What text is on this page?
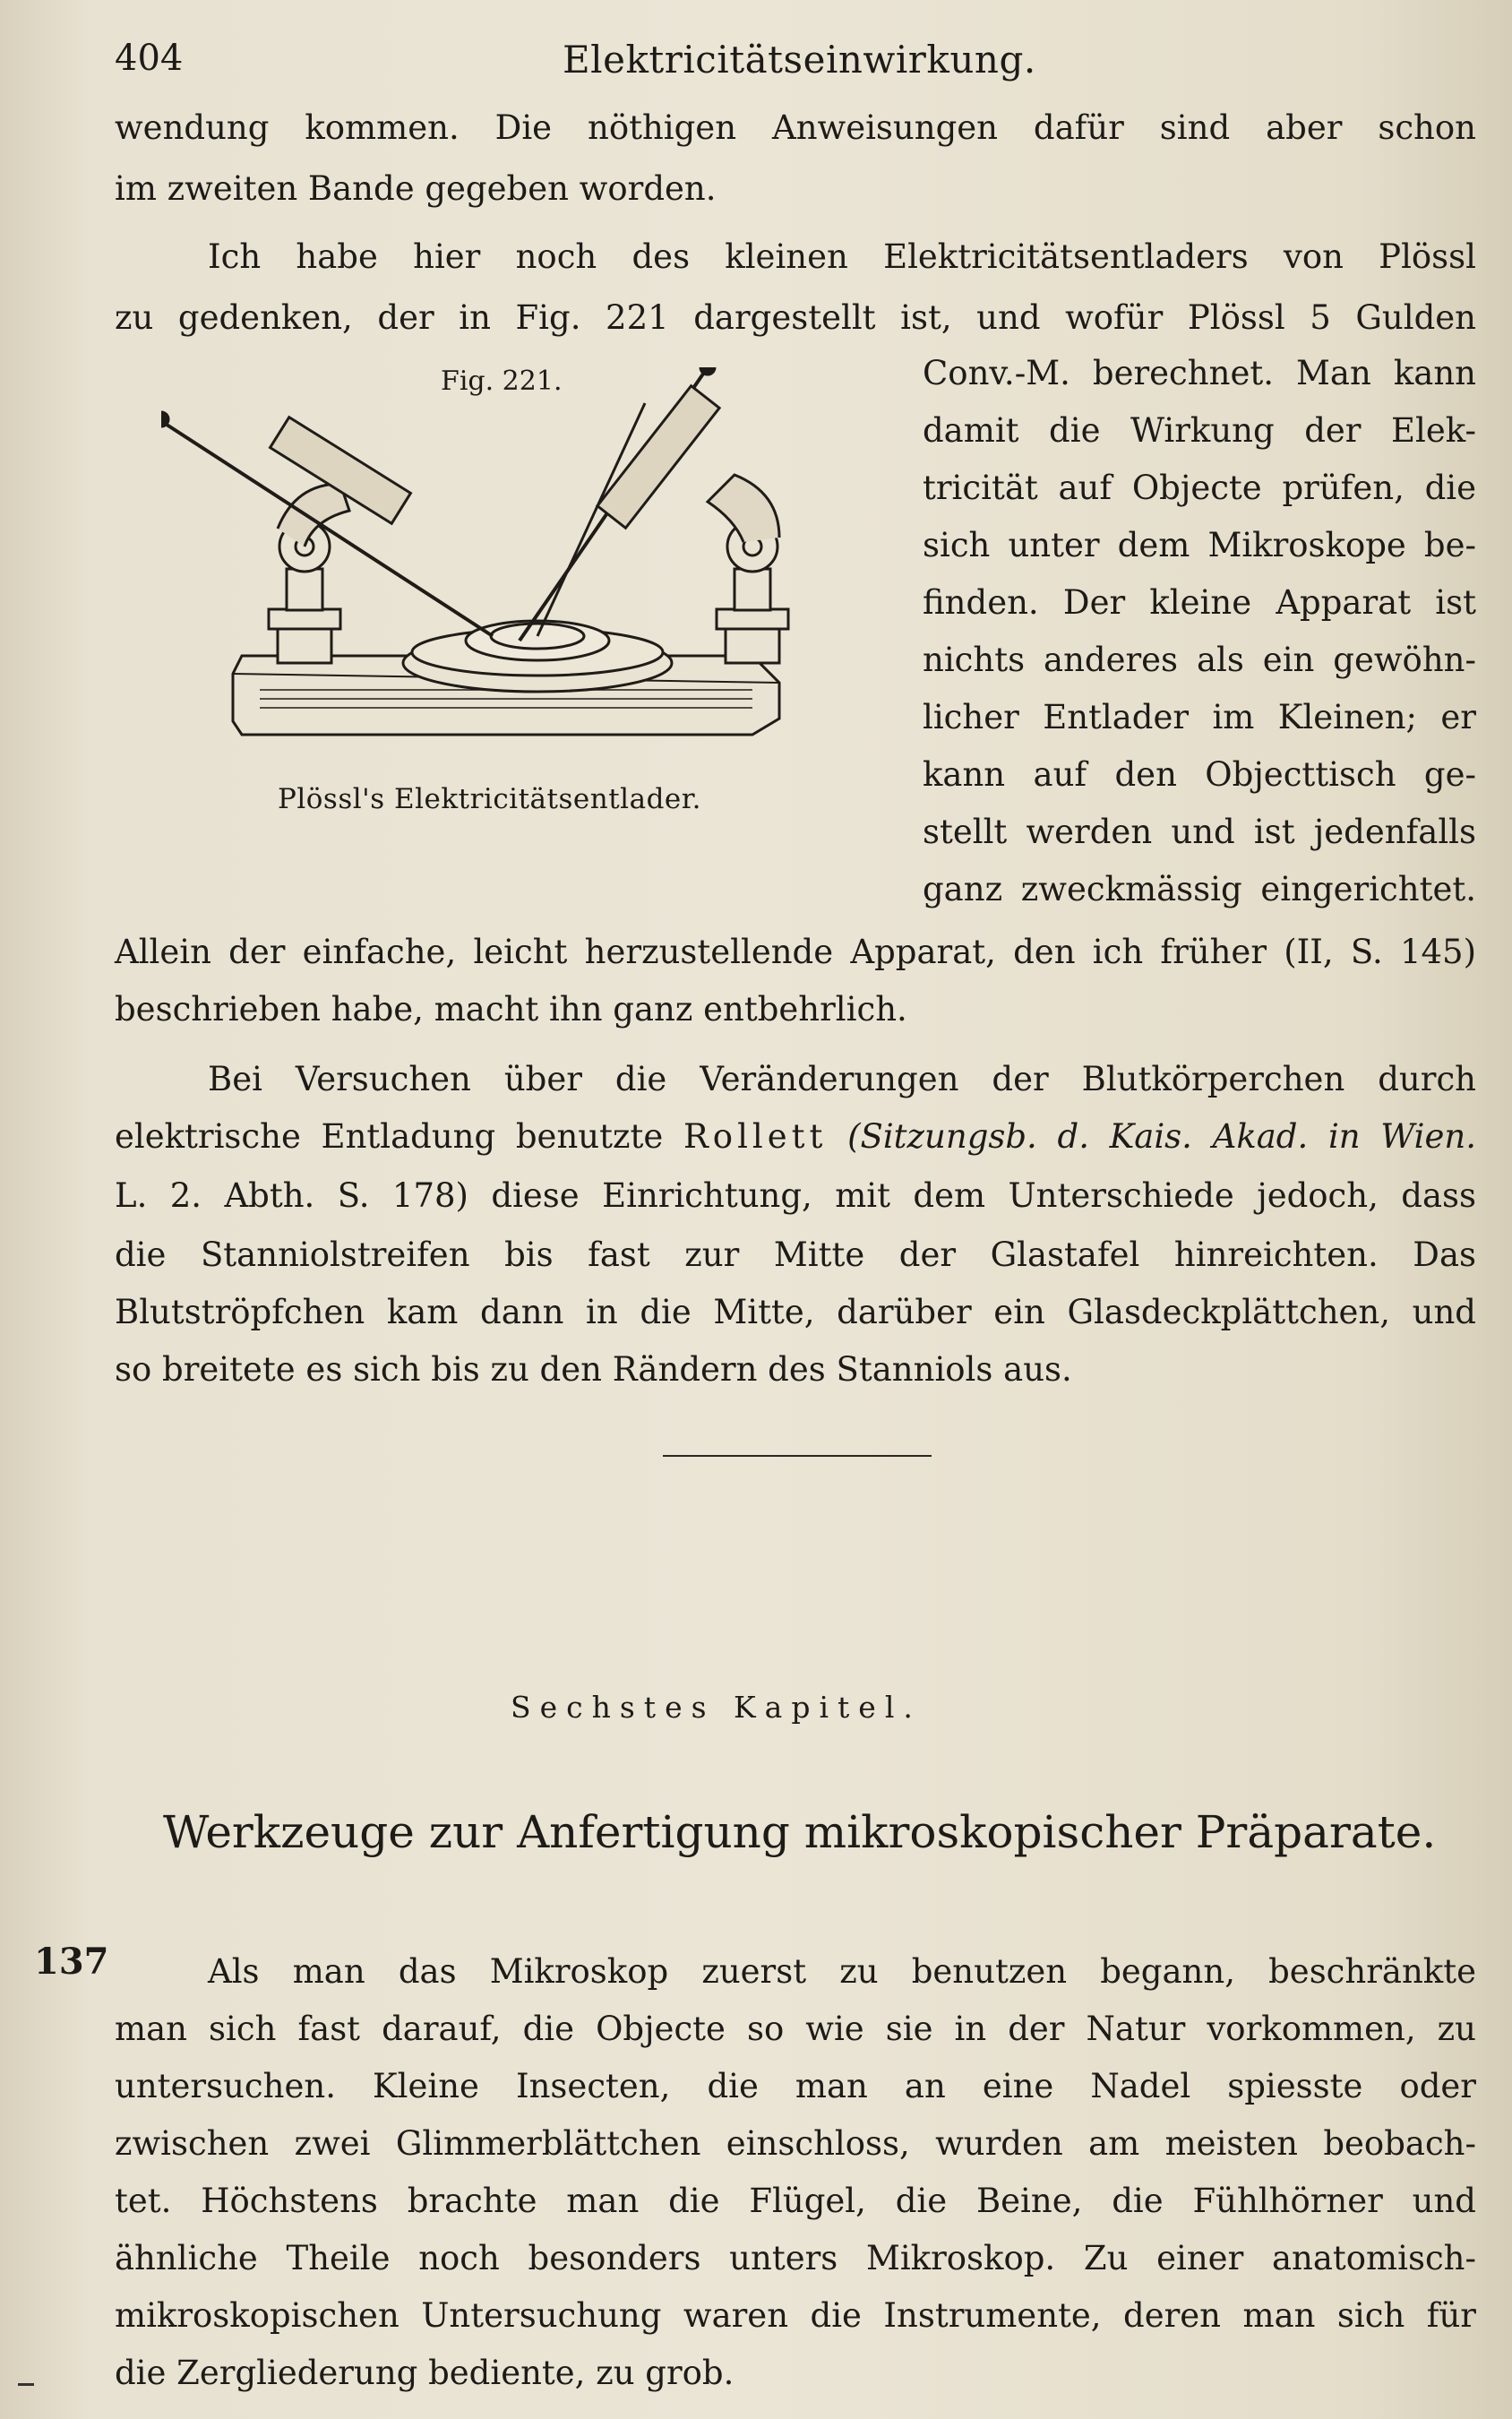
404	Elektricitätseinwirkung.
wendung kommen. Die nöthigen Anweisungen dafür sind aber schon
im zweiten Bande gegeben worden.
Ich habe hier noch des kleinen Elektricitätsentladers von Plössl
zu gedenken, der in Fig. 221 dargestellt ist, und wofür Plössl 5 Gulden
Fig. 221.	Conv.-M. berechnet. Man kann
damit die Wirkung der Elek-
tricität auf Objecte prüfen, die
sich unter dem Mikroskope be-
finden. Der kleine Apparat ist
nichts anderes als ein gewöhn-
licher Entlader im Kleinen; er
kann auf den Objecttisch ge-
stellt werden und ist jedenfalls
ganz zweckmässig eingerichtet.
Plössl's Elektricitätsentlader.
Allein der einfache, leicht herzustellende Apparat, den ich früher (II, S. 145)
beschrieben habe, macht ihn ganz entbehrlich.
Bei Versuchen über die Veränderungen der Blutkörperchen durch
elektrische Entladung benutzte Rollett (Sitzungsb. d. Kais. Akad. in Wien.
L. 2. Abth. S. 178) diese Einrichtung, mit dem Unterschiede jedoch, dass
die Stanniolstreifen bis fast zur Mitte der Glastafel hinreichten. Das
Blutströpfchen kam dann in die Mitte, darüber ein Glasdeckplättchen, und
so breitete es sich bis zu den Rändern des Stanniols aus.
Sechstes Kapitel.
Werkzeuge zur Anfertigung mikroskopischer Präparate.
137	Als man das Mikroskop zuerst zu benutzen begann, beschränkte
man sich fast darauf, die Objecte so wie sie in der Natur vorkommen, zu
untersuchen. Kleine Insecten, die man an eine Nadel spiesste oder
zwischen zwei Glimmerblättchen einschloss, wurden am meisten beobach-
tet. Höchstens brachte man die Flügel, die Beine, die Fühlhörner und
ähnliche Theile noch besonders unters Mikroskop. Zu einer anatomisch-
mikroskopischen Untersuchung waren die Instrumente, deren man sich für
die Zergliederung bediente, zu grob.
